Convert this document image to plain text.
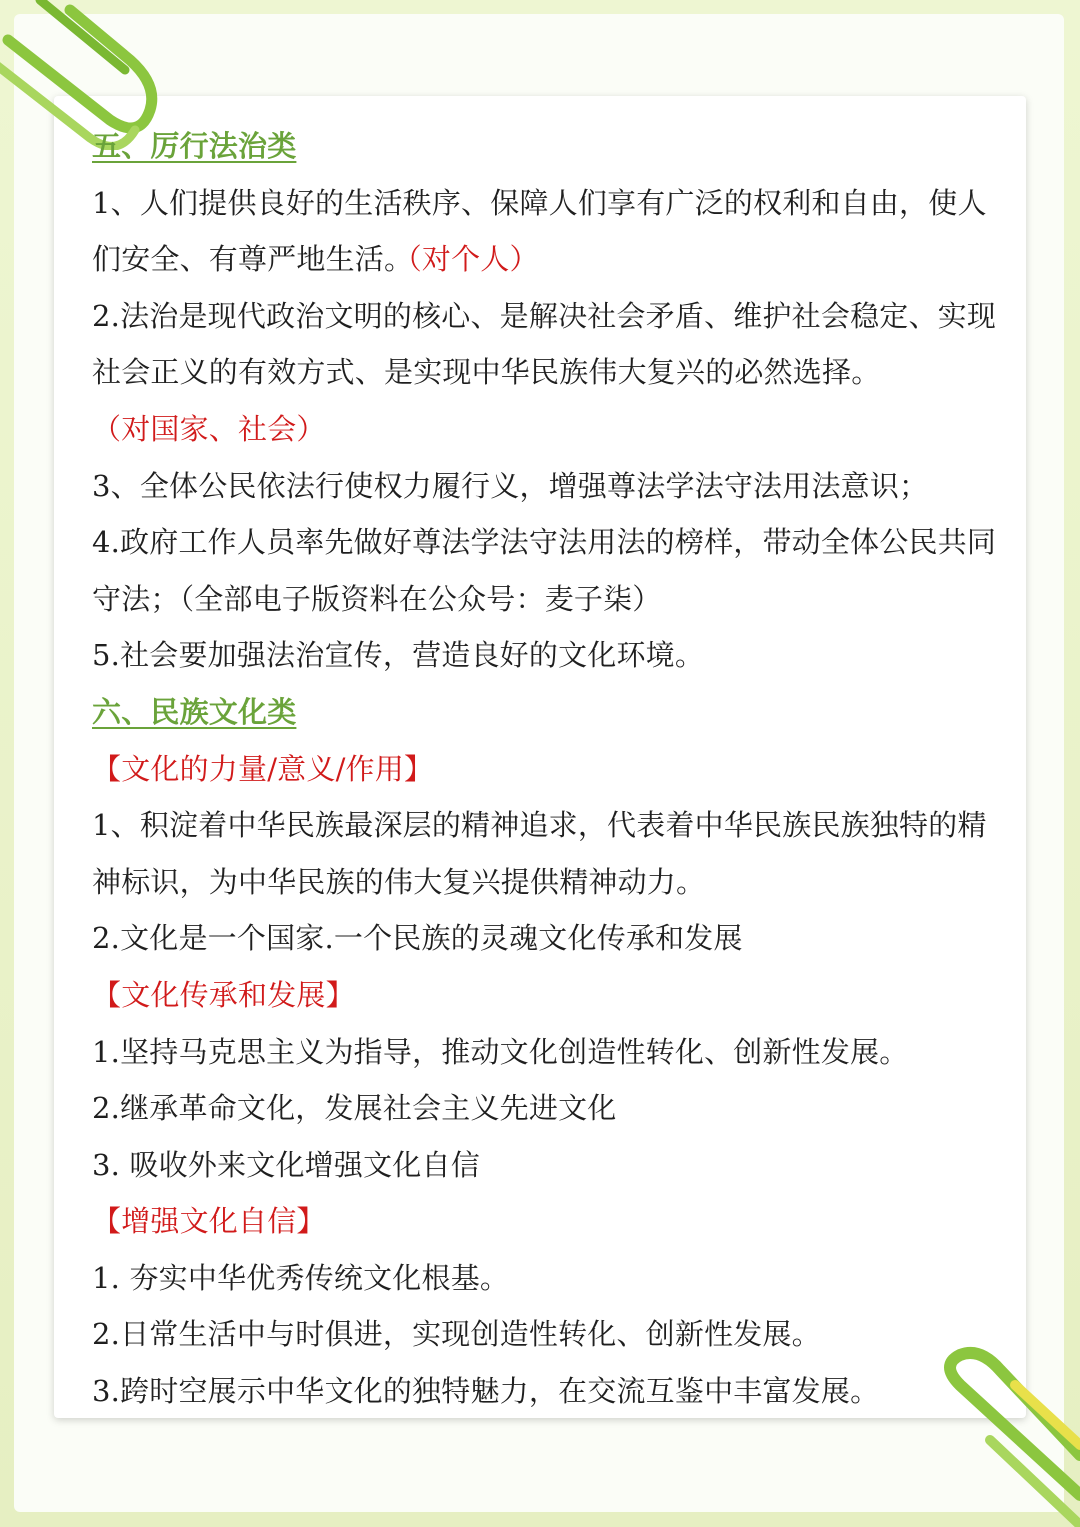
五、厉行法治类
1、人们提供良好的生活秩序、保障人们享有广泛的权利和自由，使人
们安全、有尊严地生活。（对个人）
2.法治是现代政治文明的核心、是解决社会矛盾、维护社会稳定、实现
社会正义的有效方式、是实现中华民族伟大复兴的必然选择。
（对国家、社会）
3、全体公民依法行使权力履行义，增强尊法学法守法用法意识；
4.政府工作人员率先做好尊法学法守法用法的榜样，带动全体公民共同
守法；（全部电子版资料在公众号：麦子柒）
5.社会要加强法治宣传，营造良好的文化环境。
六、民族文化类
【文化的力量/意义/作用】
1、积淀着中华民族最深层的精神追求，代表着中华民族民族独特的精
神标识，为中华民族的伟大复兴提供精神动力。
2.文化是一个国家.一个民族的灵魂文化传承和发展
【文化传承和发展】
1.坚持马克思主义为指导，推动文化创造性转化、创新性发展。
2.继承革命文化，发展社会主义先进文化
3. 吸收外来文化增强文化自信
【增强文化自信】
1. 夯实中华优秀传统文化根基。
2.日常生活中与时俱进，实现创造性转化、创新性发展。
3.跨时空展示中华文化的独特魅力，在交流互鉴中丰富发展。
